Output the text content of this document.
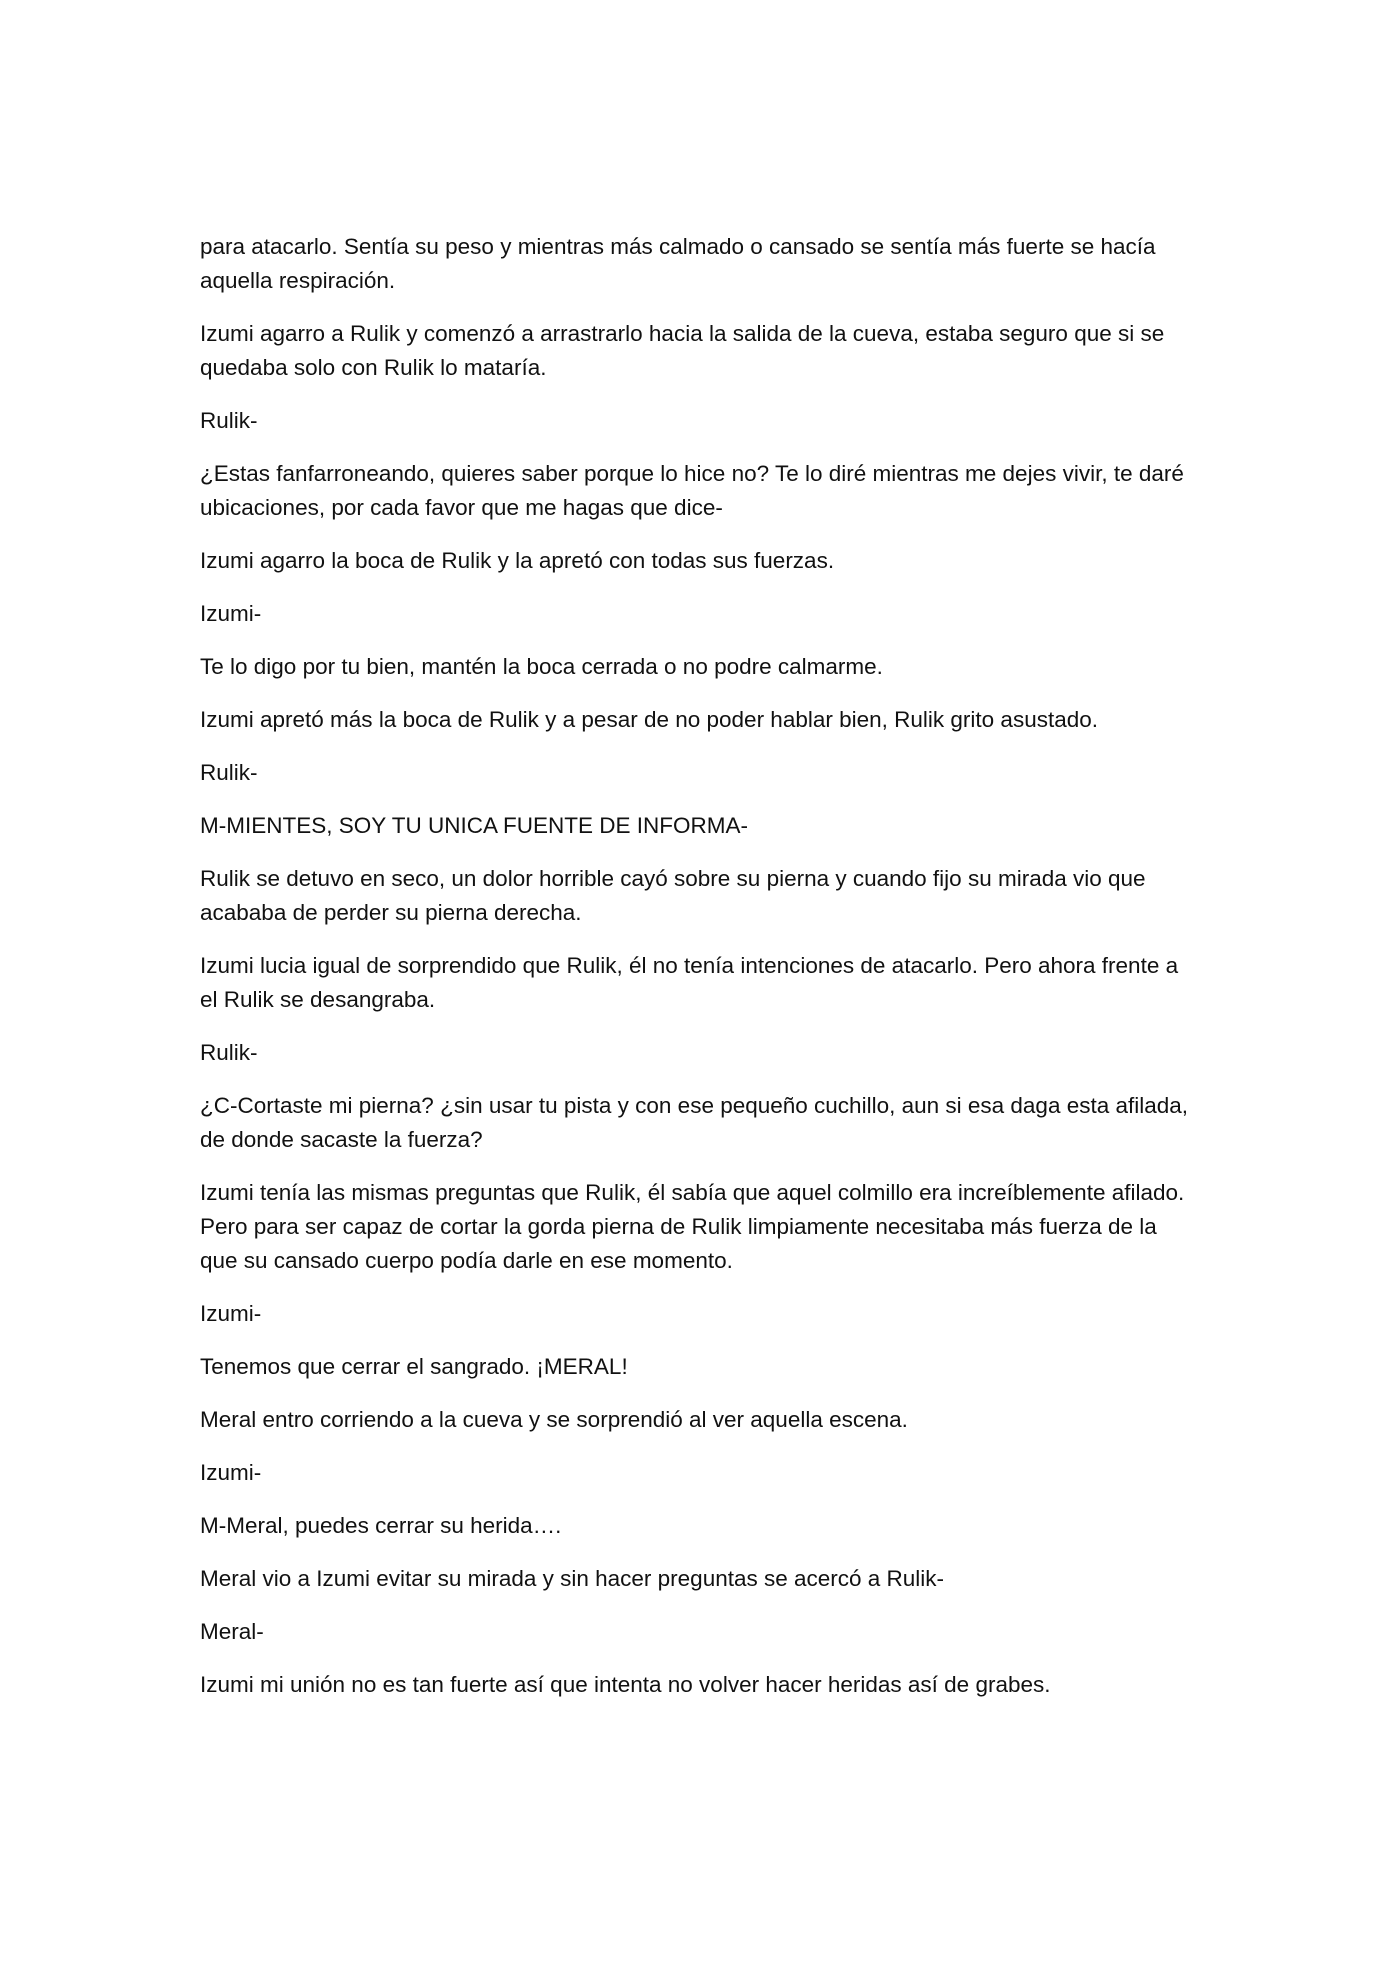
para atacarlo. Sentía su peso y mientras más calmado o cansado se sentía más fuerte se hacía aquella respiración.

Izumi agarro a Rulik y comenzó a arrastrarlo hacia la salida de la cueva, estaba seguro que si se quedaba solo con Rulik lo mataría.

Rulik-

¿Estas fanfarroneando, quieres saber porque lo hice no? Te lo diré mientras me dejes vivir, te daré ubicaciones, por cada favor que me hagas que dice-

Izumi agarro la boca de Rulik y la apretó con todas sus fuerzas.

Izumi-

Te lo digo por tu bien, mantén la boca cerrada o no podre calmarme.

Izumi apretó más la boca de Rulik y a pesar de no poder hablar bien, Rulik grito asustado.

Rulik-

M-MIENTES, SOY TU UNICA FUENTE DE INFORMA-

Rulik se detuvo en seco, un dolor horrible cayó sobre su pierna y cuando fijo su mirada vio que acababa de perder su pierna derecha.

Izumi lucia igual de sorprendido que Rulik, él no tenía intenciones de atacarlo. Pero ahora frente a el Rulik se desangraba.

Rulik-

¿C-Cortaste mi pierna? ¿sin usar tu pista y con ese pequeño cuchillo, aun si esa daga esta afilada, de donde sacaste la fuerza?

Izumi tenía las mismas preguntas que Rulik, él sabía que aquel colmillo era increíblemente afilado. Pero para ser capaz de cortar la gorda pierna de Rulik limpiamente necesitaba más fuerza de la que su cansado cuerpo podía darle en ese momento.

Izumi-

Tenemos que cerrar el sangrado. ¡MERAL!

Meral entro corriendo a la cueva y se sorprendió al ver aquella escena.

Izumi-

M-Meral, puedes cerrar su herida….

Meral vio a Izumi evitar su mirada y sin hacer preguntas se acercó a Rulik-

Meral-

Izumi mi unión no es tan fuerte así que intenta no volver hacer heridas así de grabes.
